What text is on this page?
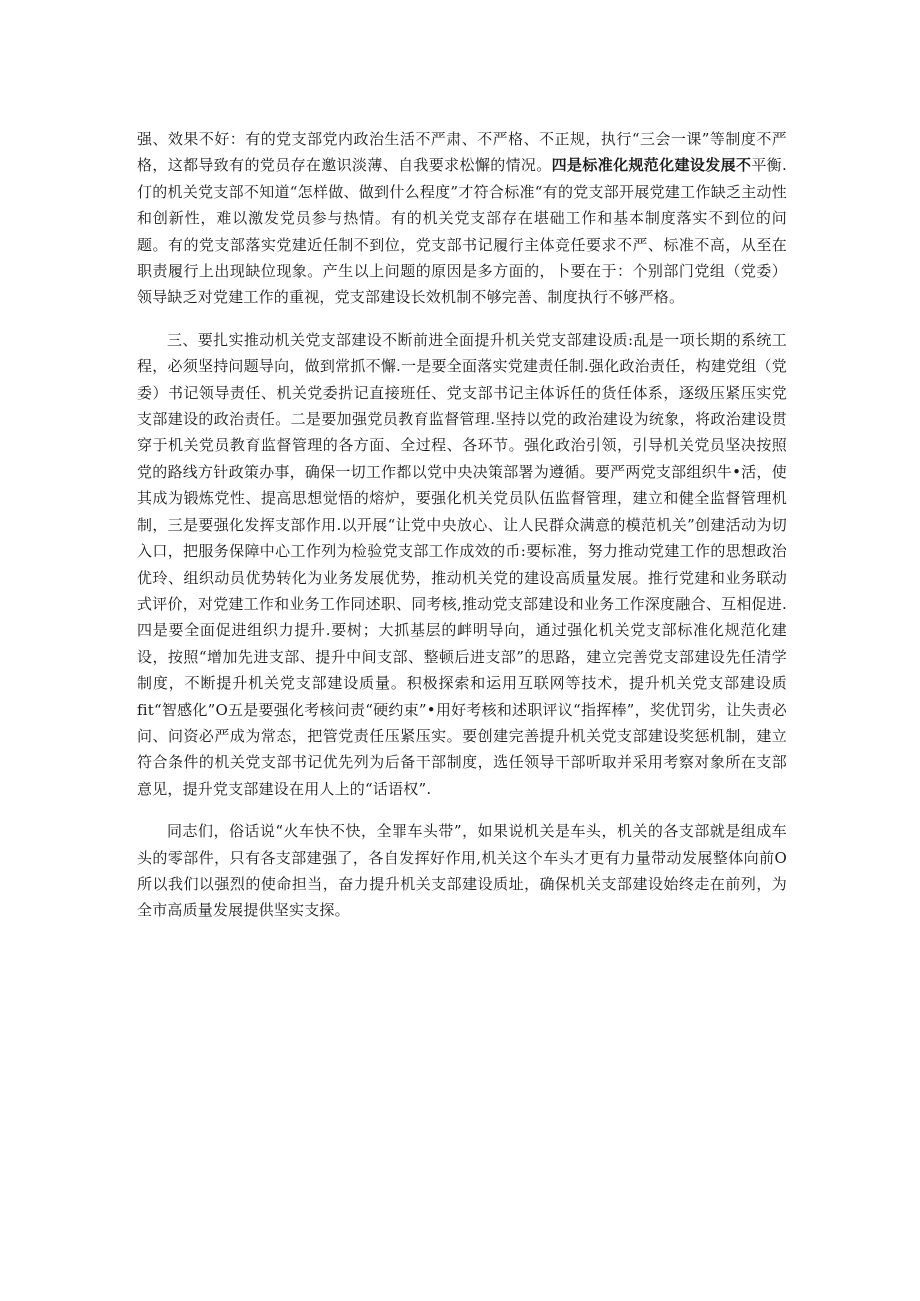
强、效果不好：有的党支部党内政治生活不严肃、不严格、不正规，执行“三会一课”等制度不严格，这都导致有的党员存在邀识淡薄、自我要求松懈的情况。四是标准化规范化建设发展不平衡.仃的机关党支部不知道“怎样做、做到什么程度”才符合标准“有的党支部开展党建工作缺乏主动性和创新性，难以激发党员参与热情。有的机关党支部存在堪础工作和基本制度落实不到位的问题。有的党支部落实党建近任制不到位，党支部书记履行主体竞任要求不严、标准不高，从至在职责履行上出现缺位现象。产生以上问题的原因是多方面的，卜要在于：个别部门党组（党委）领导缺乏对党建工作的重视，党支部建设长效机制不够完善、制度执行不够严格。

三、要扎实推动机关党支部建设不断前进全面提升机关党支部建设质:乱是一项长期的系统工程，必须坚持问题导向，做到常抓不懈.一是要全面落实党建责任制.强化政治责任，构建党组（党委）书记领导责任、机关党委扸记直接班任、党支部书记主体诉任的货任体系，逐级压紧压实党支部建设的政治责任。二是要加强党员教育监督管理.坚持以党的政治建设为统象，将政治建设贯穿于机关党员教育监督管理的各方面、全过程、各环节。强化政治引领，引导机关党员坚决按照党的路线方针政策办事，确保一切工作都以党中央决策部署为遵循。要严两党支部组织牛•活，使其成为锻炼党性、提高思想觉悟的熔炉，要强化机关党员队伍监督管理，建立和健全监督管理机制，三是要强化发挥支部作用.以开展“让党中央放心、让人民群众满意的模范机关”创建活动为切入口，把服务保障中心工作列为检验党支部工作成效的币:要标准，努力推动党建工作的思想政治优玲、组织动员优势转化为业务发展优势，推动机关党的建设高质量发展。推行党建和业务联动式评价，对党建工作和业务工作同述职、同考核,推动党支部建设和业务工作深度融合、互相促进.四是要全面促进组织力提升.要树；大抓基层的衅明导向，通过强化机关党支部标准化规范化建设，按照“增加先进支部、提升中间支部、整顿后进支部”的思路，建立完善党支部建设先任清学制度，不断提升机关党支部建设质量。积极探索和运用互联网等技术，提升机关党支部建设质fit“智感化”O五是要强化考核问责“硬约束”•用好考核和述职评议“指挥棒”，奖优罚劣，让失责必问、问资必严成为常态，把管党责任压紧压实。要创建完善提升机关党支部建设奖惩机制，建立符合条件的机关党支部书记优先列为后备干部制度，选任领导干部听取并采用考察对象所在支部意见，提升党支部建设在用人上的“话语权”.

同志们，俗话说“火车快不快，全罪车头带”，如果说机关是车头，机关的各支部就是组成车头的零部件，只有各支部建强了，各自发挥好作用,机关这个车头才更有力量带动发展整体向前O所以我们以强烈的使命担当，奋力提升机关支部建设质址，确保机关支部建设始终走在前列，为全市高质量发展提供坚实支探。
